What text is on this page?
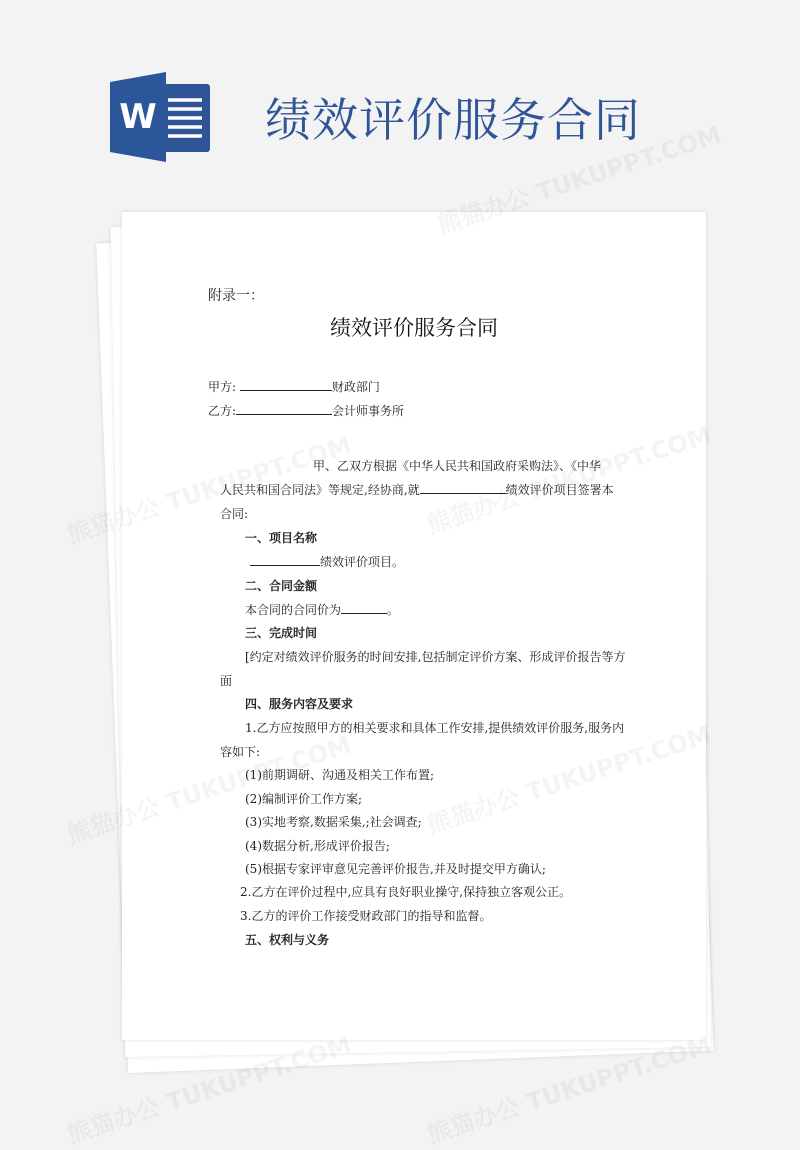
W 绩效评价服务合同
附录一：
绩效评价服务合同
甲方:	财政部门
乙方:	会计师事务所
甲、乙双方根据《中华人民共和国政府采购法》、《中华
人民共和国合同法》等规定,经协商,就	绩效评价项目签署本
合同:
一、项目名称
绩效评价项目。
二、合同金额
本合同的合同价为	。
三、完成时间
[约定对绩效评价服务的时间安排,包括制定评价方案、形成评价报告等方
面
四、服务内容及要求
1.乙方应按照甲方的相关要求和具体工作安排,提供绩效评价服务,服务内
容如下:
(1)前期调研、沟通及相关工作布置;
(2)编制评价工作方案;
(3)实地考察,数据采集,;社会调查;
(4)数据分析,形成评价报告;
(5)根据专家评审意见完善评价报告,并及时提交甲方确认;
2.乙方在评价过程中,应具有良好职业操守,保持独立客观公正。
3.乙方的评价工作接受财政部门的指导和监督。
五、权利与义务
